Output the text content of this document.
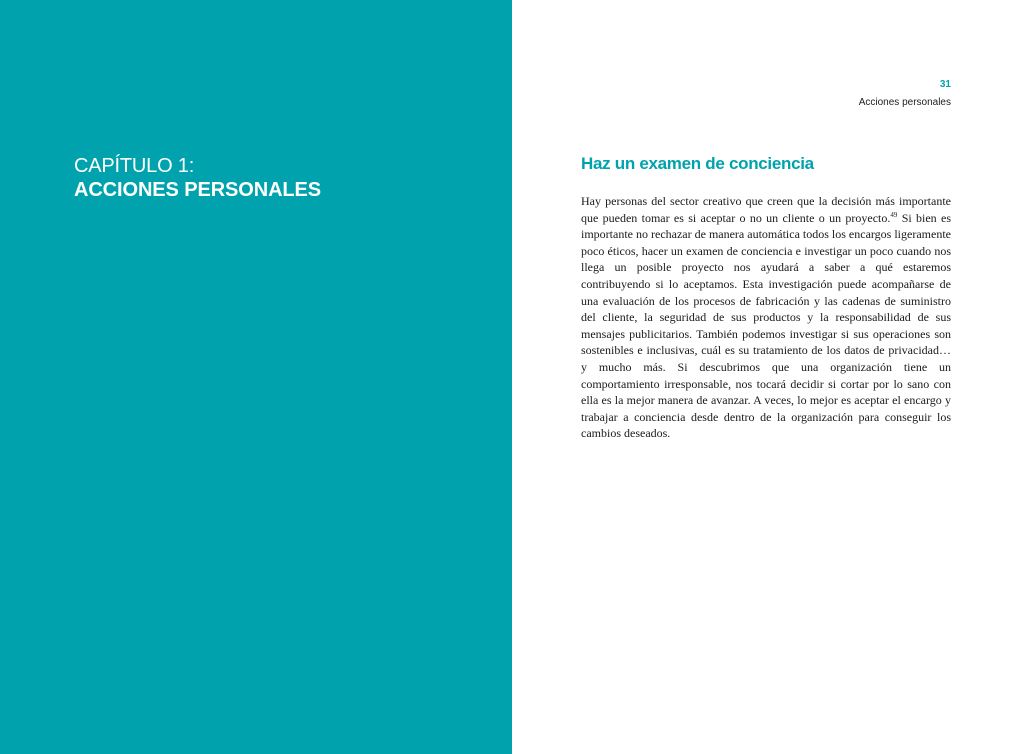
CAPÍTULO 1:
ACCIONES PERSONALES
31
Acciones personales
Haz un examen de conciencia

Hay personas del sector creativo que creen que la decisión más importante que pueden tomar es si aceptar o no un cliente o un proyecto.$^{49}$ Si bien es importante no rechazar de manera automática todos los encargos ligeramente poco éticos, hacer un examen de conciencia e investigar un poco cuando nos llega un posible proyecto nos ayudará a saber a qué estaremos contribuyendo si lo aceptamos. Esta investigación puede acompañarse de una evaluación de los procesos de fabricación y las cadenas de suministro del cliente, la seguridad de sus productos y la responsabilidad de sus mensajes publicitarios. También podemos investigar si sus operaciones son sostenibles e inclusivas, cuál es su tratamiento de los datos de privacidad… y mucho más. Si descubrimos que una organización tiene un comportamiento irresponsable, nos tocará decidir si cortar por lo sano con ella es la mejor manera de avanzar. A veces, lo mejor es aceptar el encargo y trabajar a conciencia desde dentro de la organización para conseguir los cambios deseados.
